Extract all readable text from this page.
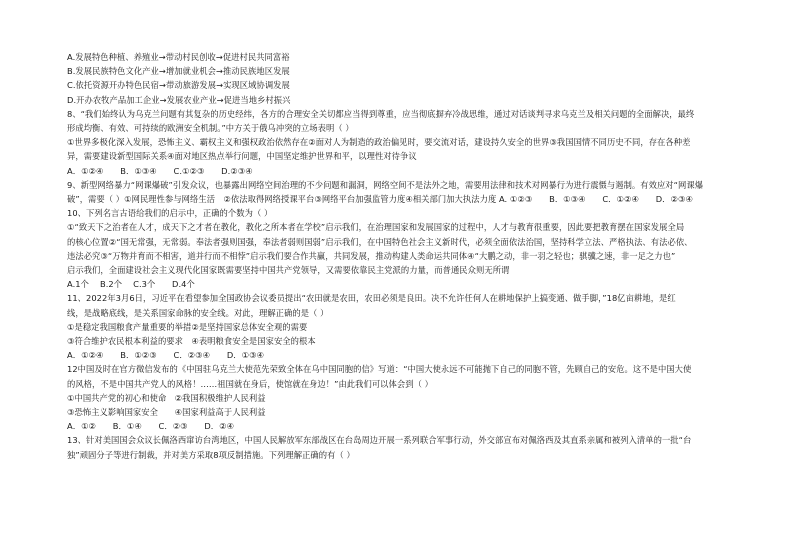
A.发展特色种植、养殖业→带动村民创收→促进村民共同富裕
B.发展民族特色文化产业→增加就业机会→推动民族地区发展
C.依托资源开办特色民宿→带动旅游发展→实现区域协调发展
D.开办农牧产品加工企业→发展农业产业→促进当地乡村振兴
8、“我们始终认为乌克兰问题有其复杂的历史经纬，各方的合理安全关切都应当得到尊重，应当彻底摒弃冷战思维，通过对话谈判寻求乌克兰及相关问题的全面解决，最终
形成均衡、有效、可持续的欧洲安全机制。”中方关于俄乌冲突的立场表明（ ）
①世界多极化深入发展，恐怖主义、霸权主义和强权政治依然存在②面对人为制造的政治偏见时，要交流对话，建设持久安全的世界③我国国情不同历史不同，存在各种差
异，需要建设新型国际关系④面对地区热点举行问题，中国坚定维护世界和平，以理性对待争议
A．①②④　　B．①③④　　C.①②③　　D.②③④
9、新型网络暴力“网课爆破”引发众议，也暴露出网络空间治理的不少问题和漏洞，网络空间不是法外之地，需要用法律和技术对网暴行为进行震慑与遏制。有效应对“网课爆
破”，需要（ ）①网民理性参与网络生活　②依法取得网络授课平台③网络平台加强监管力度④相关部门加大执法力度 A. ①②③　　B．①③④　　C．①②④　　D．②③④
10、下列名言古语给我们的启示中，正确的个数为（ ）
①“致天下之治者在人才，成天下之才者在教化，教化之所本者在学校”启示我们，在治理国家和发展国家的过程中，人才与教育很重要，因此要把教育摆在国家发展全局
的核心位置②“国无常强，无常弱。奉法者强则国强，奉法者弱则国弱”启示我们，在中国特色社会主义新时代，必须全面依法治国，坚持科学立法、严格执法、有法必依、
违法必究③“万物并育而不相害，道并行而不相悖”启示我们要合作共赢，共同发展，推动构建人类命运共同体④“大鹏之动，非一羽之轻也；骐骥之速，非一足之力也”
启示我们，全面建设社会主义现代化国家既需要坚持中国共产党领导，又需要依靠民主党派的力量，而普通民众则无所谓
A.1个　 B.2个　 C.3个　　D.4个
11、2022年3月6日，习近平在看望参加全国政协会议委员提出“农田就是农田，农田必须是良田。决不允许任何人在耕地保护上搞变通、做手脚，”18亿亩耕地，是红
线，是战略底线，是关系国家命脉的安全线。对此，理解正确的是（ ）
①是稳定我国粮食产量重要的举措②是坚持国家总体安全观的需要
③符合维护农民根本利益的要求　④表明粮食安全是国家安全的根本
A．①②④　　B．①②③　　C．②③④　　D．①③④
12中国及时在官方微信发布的《中国驻乌克兰大使范先荣致全体在乌中国同胞的信》写道：“中国大使永远不可能抛下自己的同胞不管，先顾自己的安危。这不是中国大使
的风格，不是中国共产党人的风格！……祖国就在身后，使馆就在身边！”由此我们可以体会到（ ）
①中国共产党的初心和使命　②我国积极维护人民利益
③恐怖主义影响国家安全　　④国家利益高于人民利益
A．①②　　B．①④　　C．②③　　D．②④
13、针对美国国会众议长佩洛西窜访台湾地区，中国人民解放军东部战区在台岛周边开展一系列联合军事行动，外交部宣布对佩洛西及其直系亲属和被列入清单的一批“台
独”顽固分子等进行制裁，并对美方采取8项反制措施。下列理解正确的有（ ）
